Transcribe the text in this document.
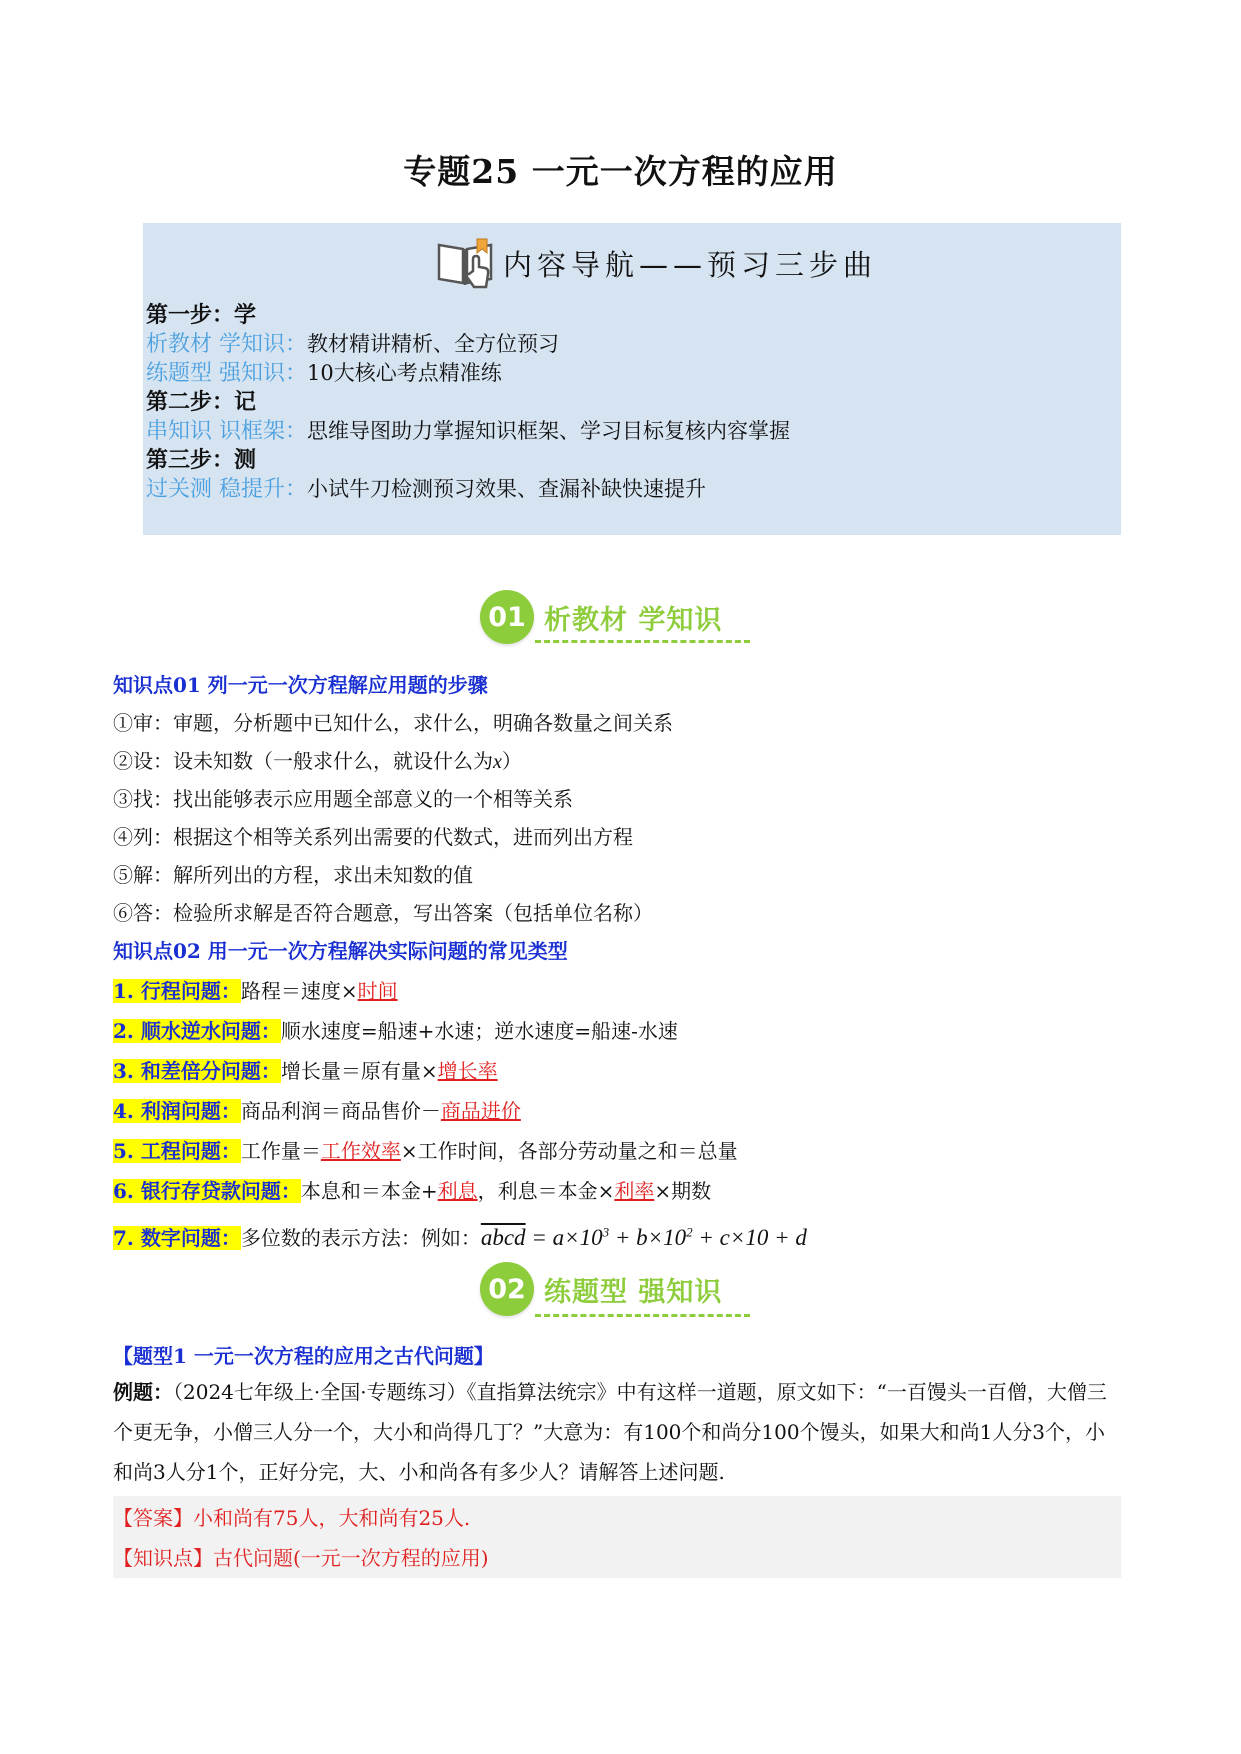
专题25 一元一次方程的应用
内容导航——预习三步曲
第一步：学
析教材 学知识：教材精讲精析、全方位预习
练题型 强知识：10大核心考点精准练
第二步：记
串知识 识框架：思维导图助力掌握知识框架、学习目标复核内容掌握
第三步：测
过关测 稳提升：小试牛刀检测预习效果、查漏补缺快速提升
01 析教材 学知识
知识点01 列一元一次方程解应用题的步骤
①审：审题，分析题中已知什么，求什么，明确各数量之间关系
②设：设未知数（一般求什么，就设什么为x）
③找：找出能够表示应用题全部意义的一个相等关系
④列：根据这个相等关系列出需要的代数式，进而列出方程
⑤解：解所列出的方程，求出未知数的值
⑥答：检验所求解是否符合题意，写出答案（包括单位名称）
知识点02 用一元一次方程解决实际问题的常见类型
1. 行程问题：路程＝速度×时间
2. 顺水逆水问题：顺水速度=船速+水速；逆水速度=船速-水速
3. 和差倍分问题：增长量＝原有量×增长率
4. 利润问题：商品利润＝商品售价－商品进价
5. 工程问题：工作量＝工作效率×工作时间，各部分劳动量之和＝总量
6. 银行存贷款问题：本息和＝本金+利息，利息＝本金×利率×期数
7. 数字问题：多位数的表示方法：例如：abcd = $a\times 10^3 + b\times 10^2 + c\times 10 + d$
02 练题型 强知识
【题型1 一元一次方程的应用之古代问题】
例题：（2024七年级上·全国·专题练习）《直指算法统宗》中有这样一道题，原文如下：“一百馒头一百僧，大僧三个更无争，小僧三人分一个，大小和尚得几丁？”大意为：有100个和尚分100个馒头，如果大和尚1人分3个，小和尚3人分1个，正好分完，大、小和尚各有多少人？请解答上述问题.
【答案】小和尚有75人，大和尚有25人.
【知识点】古代问题(一元一次方程的应用)
